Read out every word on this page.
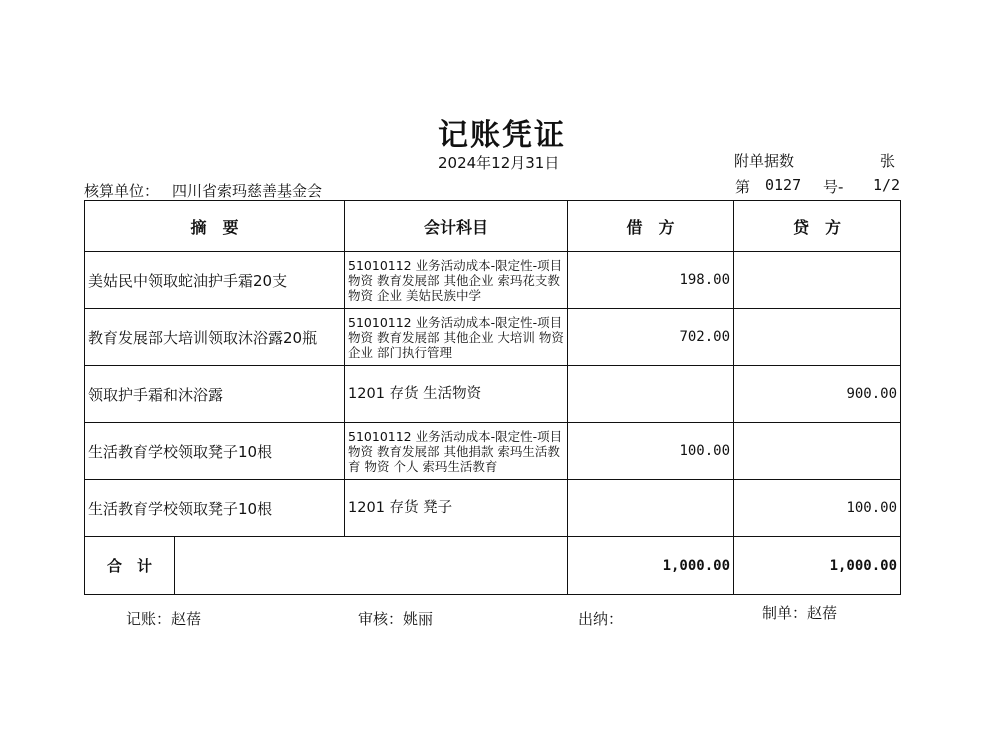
记账凭证
2024年12月31日	附单据数	张
核算单位： 四川省索玛慈善基金会	第 0127 号- 1/2
摘　要		会计科目	借　方	贷　方
美姑民中领取蛇油护手霜20支		51010112 业务活动成本-限定性-项目物资 教育发展部 其他企业 索玛花支教 物资 企业 美姑民族中学	198.00	
教育发展部大培训领取沐浴露20瓶		51010112 业务活动成本-限定性-项目物资 教育发展部 其他企业 大培训 物资 企业 部门执行管理	702.00	
领取护手霜和沐浴露		1201 存货 生活物资		900.00
生活教育学校领取凳子10根		51010112 业务活动成本-限定性-项目物资 教育发展部 其他捐款 索玛生活教育 物资 个人 索玛生活教育	100.00	
生活教育学校领取凳子10根		1201 存货 凳子		100.00
合　计			1,000.00	1,000.00
记账：赵蓓	审核：姚丽	出纳：	制单：赵蓓
